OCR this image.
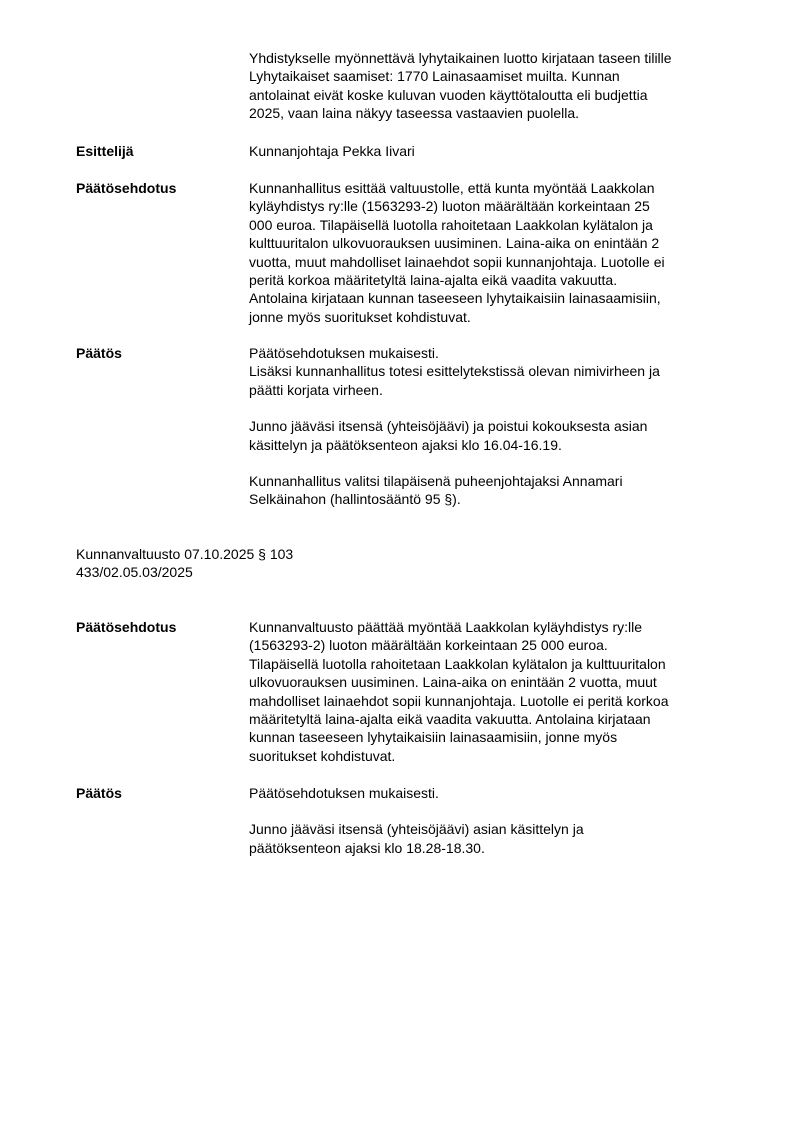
Yhdistykselle myönnettävä lyhytaikainen luotto kirjataan taseen tilille
Lyhytaikaiset saamiset: 1770 Lainasaamiset muilta. Kunnan
antolainat eivät koske kuluvan vuoden käyttötaloutta eli budjettia
2025, vaan laina näkyy taseessa vastaavien puolella.

Esittelijä	Kunnanjohtaja Pekka Iivari

Päätösehdotus	Kunnanhallitus esittää valtuustolle, että kunta myöntää Laakkolan
kyläyhdistys ry:lle (1563293-2) luoton määrältään korkeintaan 25
000 euroa. Tilapäisellä luotolla rahoitetaan Laakkolan kylätalon ja
kulttuuritalon ulkovuorauksen uusiminen. Laina-aika on enintään 2
vuotta, muut mahdolliset lainaehdot sopii kunnanjohtaja. Luotolle ei
peritä korkoa määritetyltä laina-ajalta eikä vaadita vakuutta.
Antolaina kirjataan kunnan taseeseen lyhytaikaisiin lainasaamisiin,
jonne myös suoritukset kohdistuvat.

Päätös	Päätösehdotuksen mukaisesti.
Lisäksi kunnanhallitus totesi esittelytekstissä olevan nimivirheen ja
päätti korjata virheen.

Junno jääväsi itsensä (yhteisöjäävi) ja poistui kokouksesta asian
käsittelyn ja päätöksenteon ajaksi klo 16.04-16.19.

Kunnanhallitus valitsi tilapäisenä puheenjohtajaksi Annamari
Selkäinahon (hallintosääntö 95 §).

Kunnanvaltuusto 07.10.2025 § 103
433/02.05.03/2025
Päätösehdotus	Kunnanvaltuusto päättää myöntää Laakkolan kyläyhdistys ry:lle
(1563293-2) luoton määrältään korkeintaan 25 000 euroa.
Tilapäisellä luotolla rahoitetaan Laakkolan kylätalon ja kulttuuritalon
ulkovuorauksen uusiminen. Laina-aika on enintään 2 vuotta, muut
mahdolliset lainaehdot sopii kunnanjohtaja. Luotolle ei peritä korkoa
määritetyltä laina-ajalta eikä vaadita vakuutta. Antolaina kirjataan
kunnan taseeseen lyhytaikaisiin lainasaamisiin, jonne myös
suoritukset kohdistuvat.

Päätös	Päätösehdotuksen mukaisesti.

Junno jääväsi itsensä (yhteisöjäävi) asian käsittelyn ja
päätöksenteon ajaksi klo 18.28-18.30.
